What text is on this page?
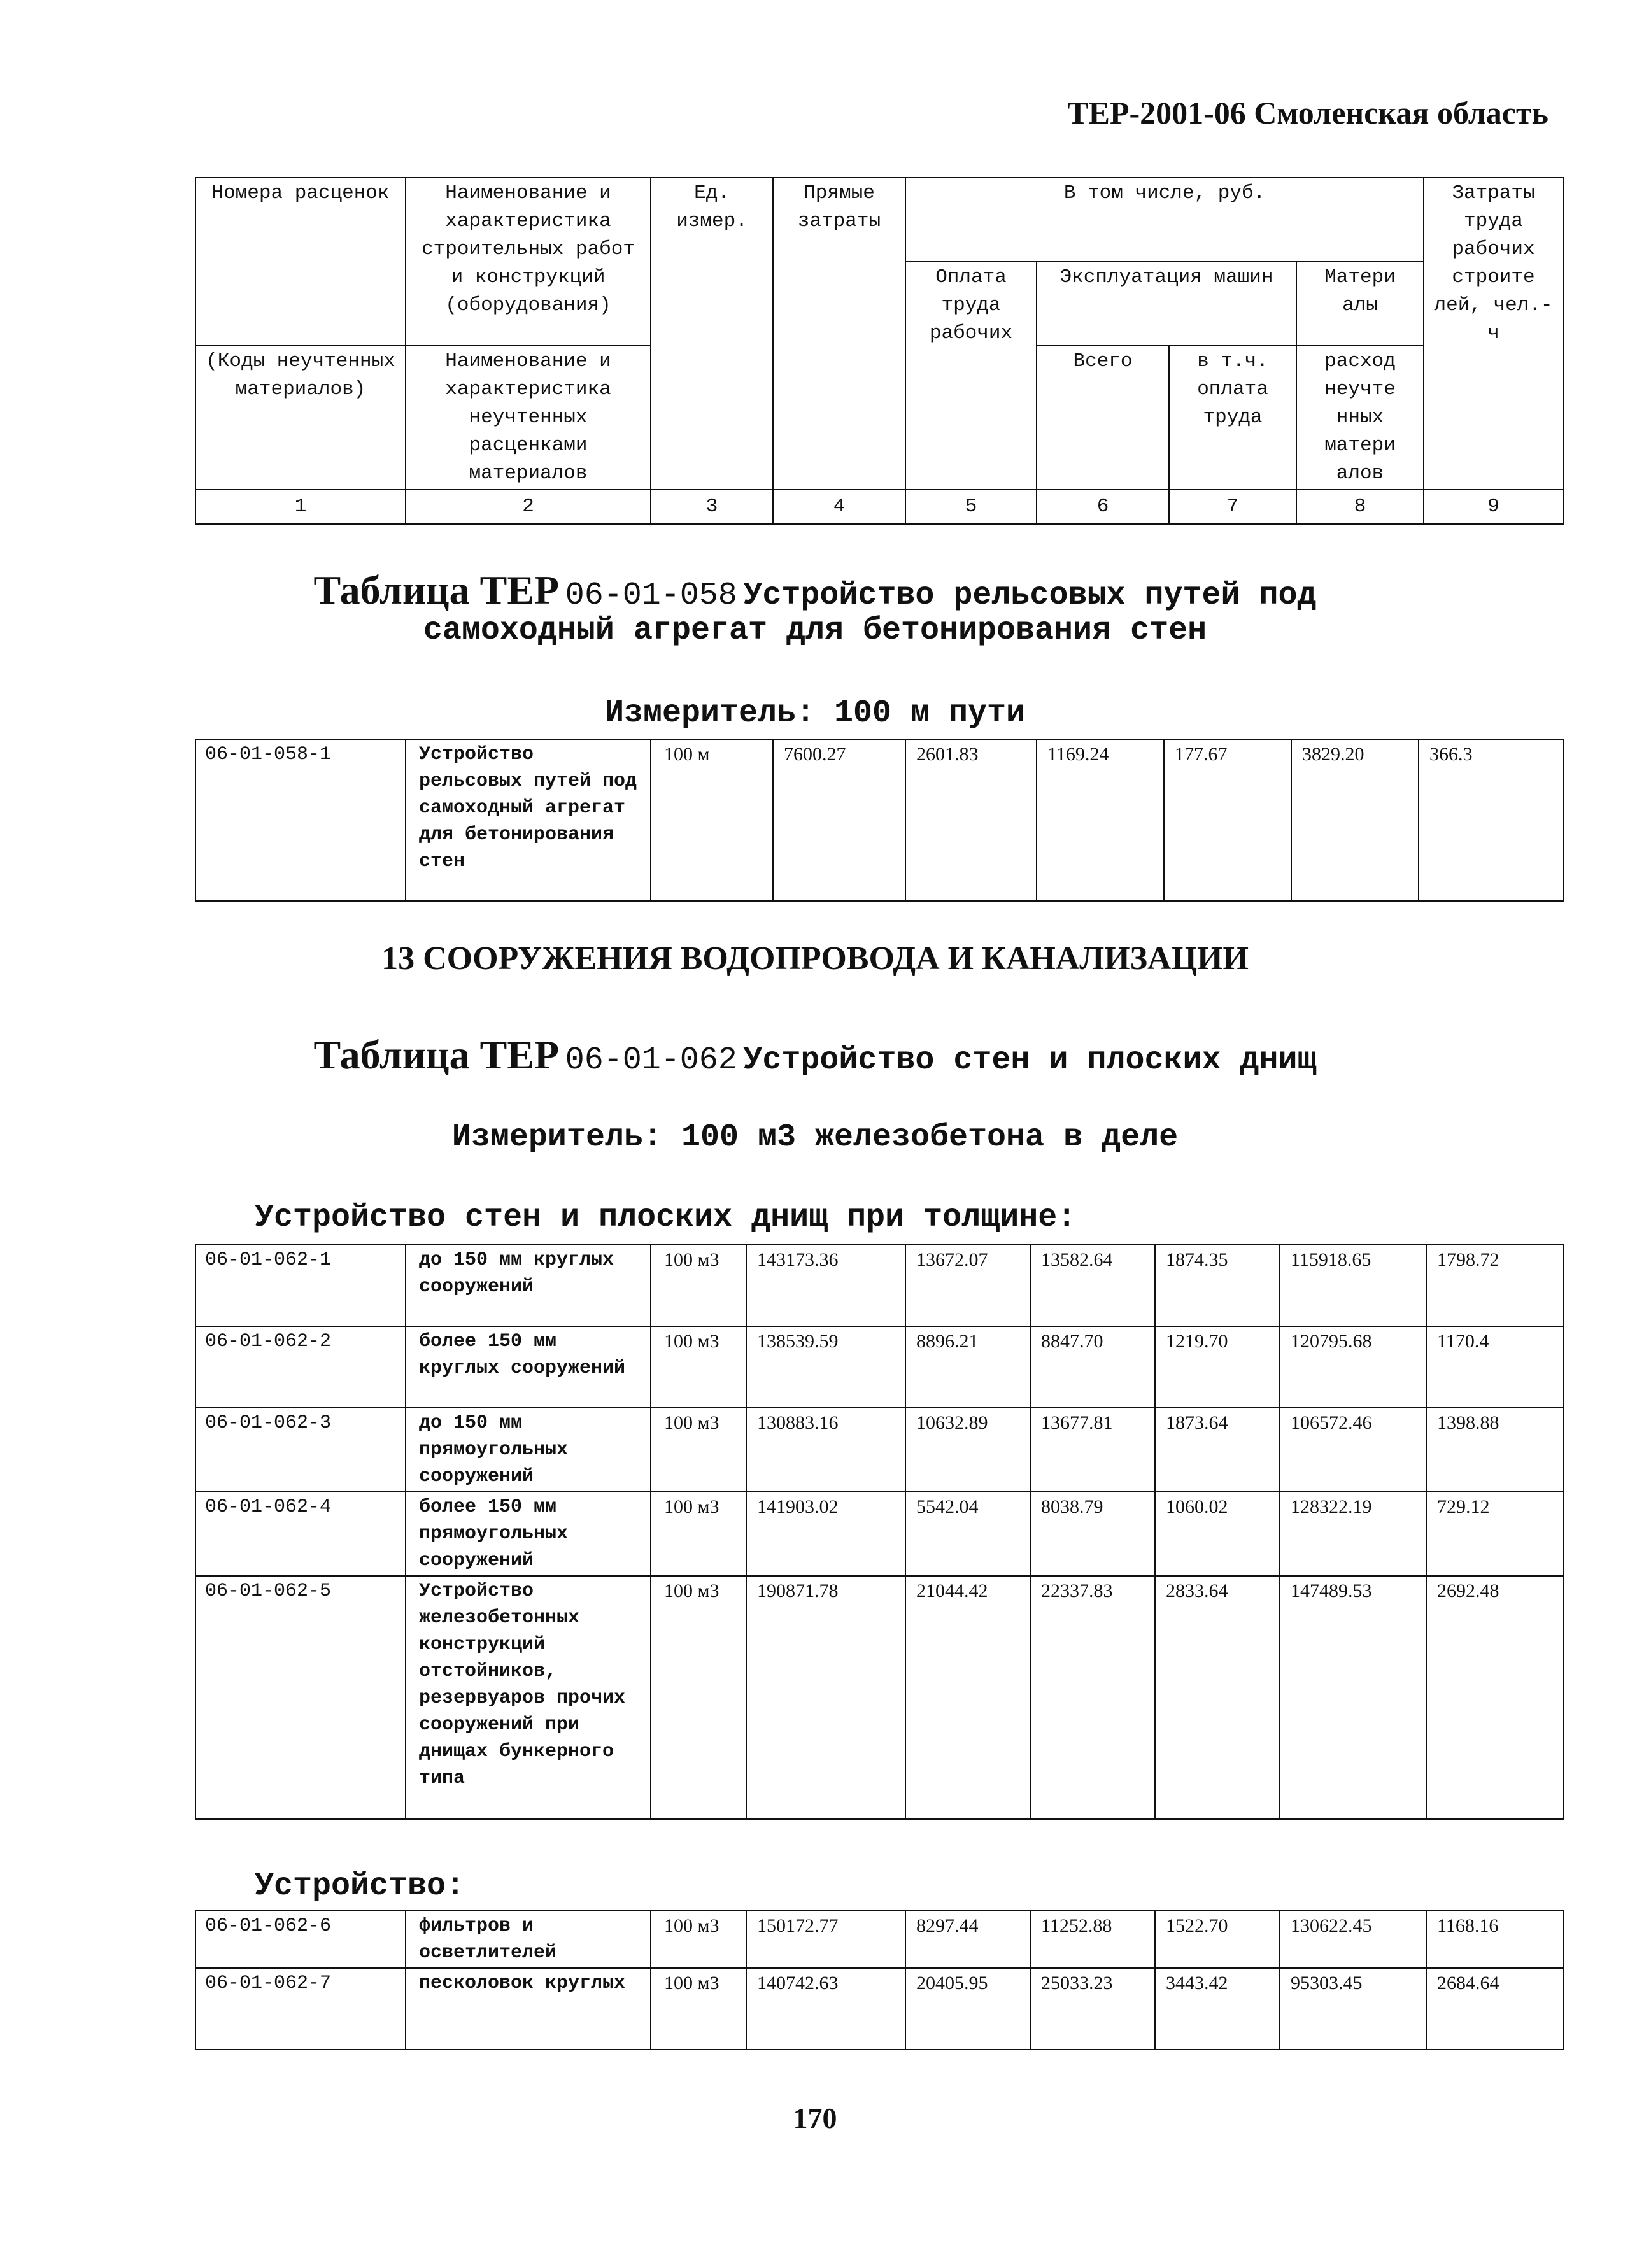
ТЕР-2001-06 Смоленская область
Номера расценок	Наименование и характеристика строительных работ и конструкций (оборудования)	Ед. измер.	Прямые затраты	В том числе, руб.				Затраты труда рабочих строите лей, чел.-ч
				Оплата труда рабочих	Эксплуатация машин		Матери алы	
(Коды неучтенных материалов)	Наименование и характеристика неучтенных расценками материалов				Всего	в т.ч. оплата труда	расход неучте нных матери алов	
1	2	3	4	5	6	7	8	9
Таблица ТЕР 06-01-058 Устройство рельсовых путей под
самоходный агрегат для бетонирования стен
Измеритель: 100 м пути
06-01-058-1	Устройство рельсовых путей под самоходный агрегат для бетонирования стен	100 м	7600.27	2601.83	1169.24	177.67	3829.20	366.3
13 СООРУЖЕНИЯ ВОДОПРОВОДА И КАНАЛИЗАЦИИ
Таблица ТЕР 06-01-062 Устройство стен и плоских днищ
Измеритель: 100 м3 железобетона в деле
Устройство стен и плоских днищ при толщине:
06-01-062-1	до 150 мм круглых сооружений	100 м3	143173.36	13672.07	13582.64	1874.35	115918.65	1798.72
06-01-062-2	более 150 мм круглых сооружений	100 м3	138539.59	8896.21	8847.70	1219.70	120795.68	1170.4
06-01-062-3	до 150 мм прямоугольных сооружений	100 м3	130883.16	10632.89	13677.81	1873.64	106572.46	1398.88
06-01-062-4	более 150 мм прямоугольных сооружений	100 м3	141903.02	5542.04	8038.79	1060.02	128322.19	729.12
06-01-062-5	Устройство железобетонных конструкций отстойников, резервуаров прочих сооружений при днищах бункерного типа	100 м3	190871.78	21044.42	22337.83	2833.64	147489.53	2692.48
Устройство:
06-01-062-6	фильтров и осветлителей	100 м3	150172.77	8297.44	11252.88	1522.70	130622.45	1168.16
06-01-062-7	песколовок круглых	100 м3	140742.63	20405.95	25033.23	3443.42	95303.45	2684.64
170
